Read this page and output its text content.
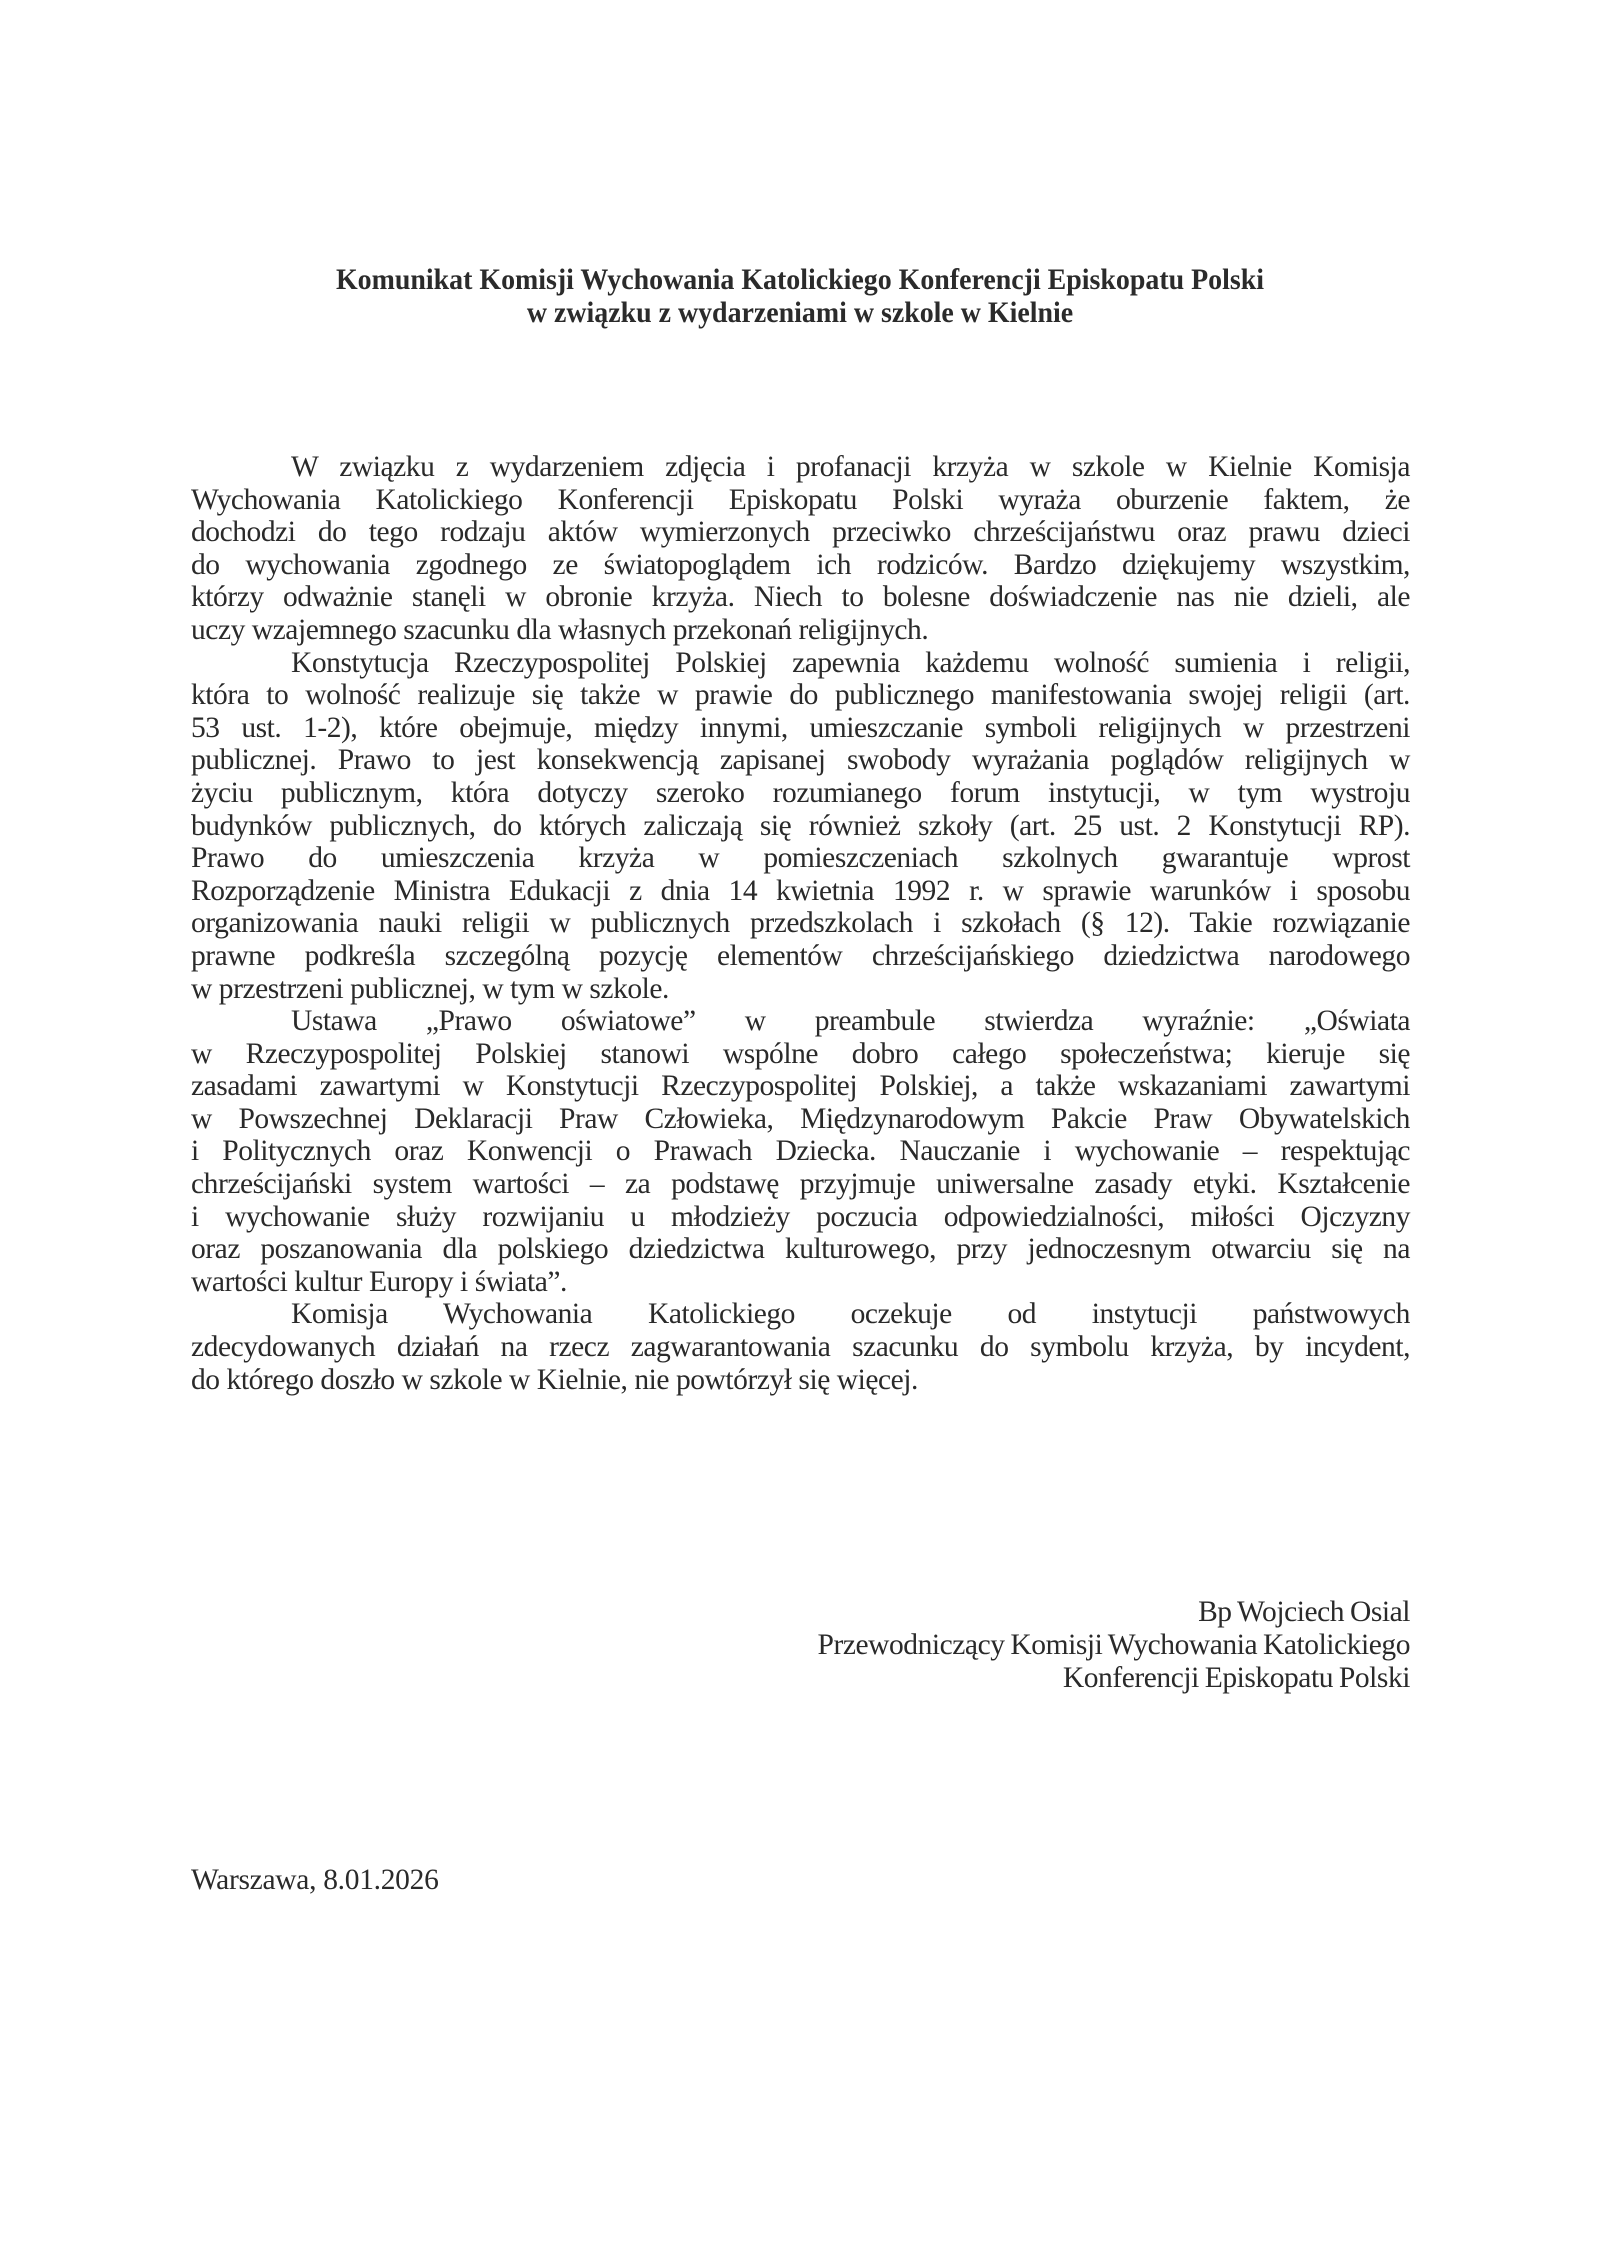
Komunikat Komisji Wychowania Katolickiego Konferencji Episkopatu Polski
w związku z wydarzeniami w szkole w Kielnie
W związku z wydarzeniem zdjęcia i profanacji krzyża w szkole w Kielnie Komisja
Wychowania Katolickiego Konferencji Episkopatu Polski wyraża oburzenie faktem, że
dochodzi do tego rodzaju aktów wymierzonych przeciwko chrześcijaństwu oraz prawu dzieci
do wychowania zgodnego ze światopoglądem ich rodziców. Bardzo dziękujemy wszystkim,
którzy odważnie stanęli w obronie krzyża. Niech to bolesne doświadczenie nas nie dzieli, ale
uczy wzajemnego szacunku dla własnych przekonań religijnych.
Konstytucja Rzeczypospolitej Polskiej zapewnia każdemu wolność sumienia i religii,
która to wolność realizuje się także w prawie do publicznego manifestowania swojej religii (art.
53 ust. 1-2), które obejmuje, między innymi, umieszczanie symboli religijnych w przestrzeni
publicznej. Prawo to jest konsekwencją zapisanej swobody wyrażania poglądów religijnych w
życiu publicznym, która dotyczy szeroko rozumianego forum instytucji, w tym wystroju
budynków publicznych, do których zaliczają się również szkoły (art. 25 ust. 2 Konstytucji RP).
Prawo do umieszczenia krzyża w pomieszczeniach szkolnych gwarantuje wprost
Rozporządzenie Ministra Edukacji z dnia 14 kwietnia 1992 r. w sprawie warunków i sposobu
organizowania nauki religii w publicznych przedszkolach i szkołach (§ 12). Takie rozwiązanie
prawne podkreśla szczególną pozycję elementów chrześcijańskiego dziedzictwa narodowego
w przestrzeni publicznej, w tym w szkole.
Ustawa „Prawo oświatowe” w preambule stwierdza wyraźnie: „Oświata
w Rzeczypospolitej Polskiej stanowi wspólne dobro całego społeczeństwa; kieruje się
zasadami zawartymi w Konstytucji Rzeczypospolitej Polskiej, a także wskazaniami zawartymi
w Powszechnej Deklaracji Praw Człowieka, Międzynarodowym Pakcie Praw Obywatelskich
i Politycznych oraz Konwencji o Prawach Dziecka. Nauczanie i wychowanie – respektując
chrześcijański system wartości – za podstawę przyjmuje uniwersalne zasady etyki. Kształcenie
i wychowanie służy rozwijaniu u młodzieży poczucia odpowiedzialności, miłości Ojczyzny
oraz poszanowania dla polskiego dziedzictwa kulturowego, przy jednoczesnym otwarciu się na
wartości kultur Europy i świata”.
Komisja Wychowania Katolickiego oczekuje od instytucji państwowych
zdecydowanych działań na rzecz zagwarantowania szacunku do symbolu krzyża, by incydent,
do którego doszło w szkole w Kielnie, nie powtórzył się więcej.
Bp Wojciech Osial
Przewodniczący Komisji Wychowania Katolickiego
Konferencji Episkopatu Polski
Warszawa, 8.01.2026
